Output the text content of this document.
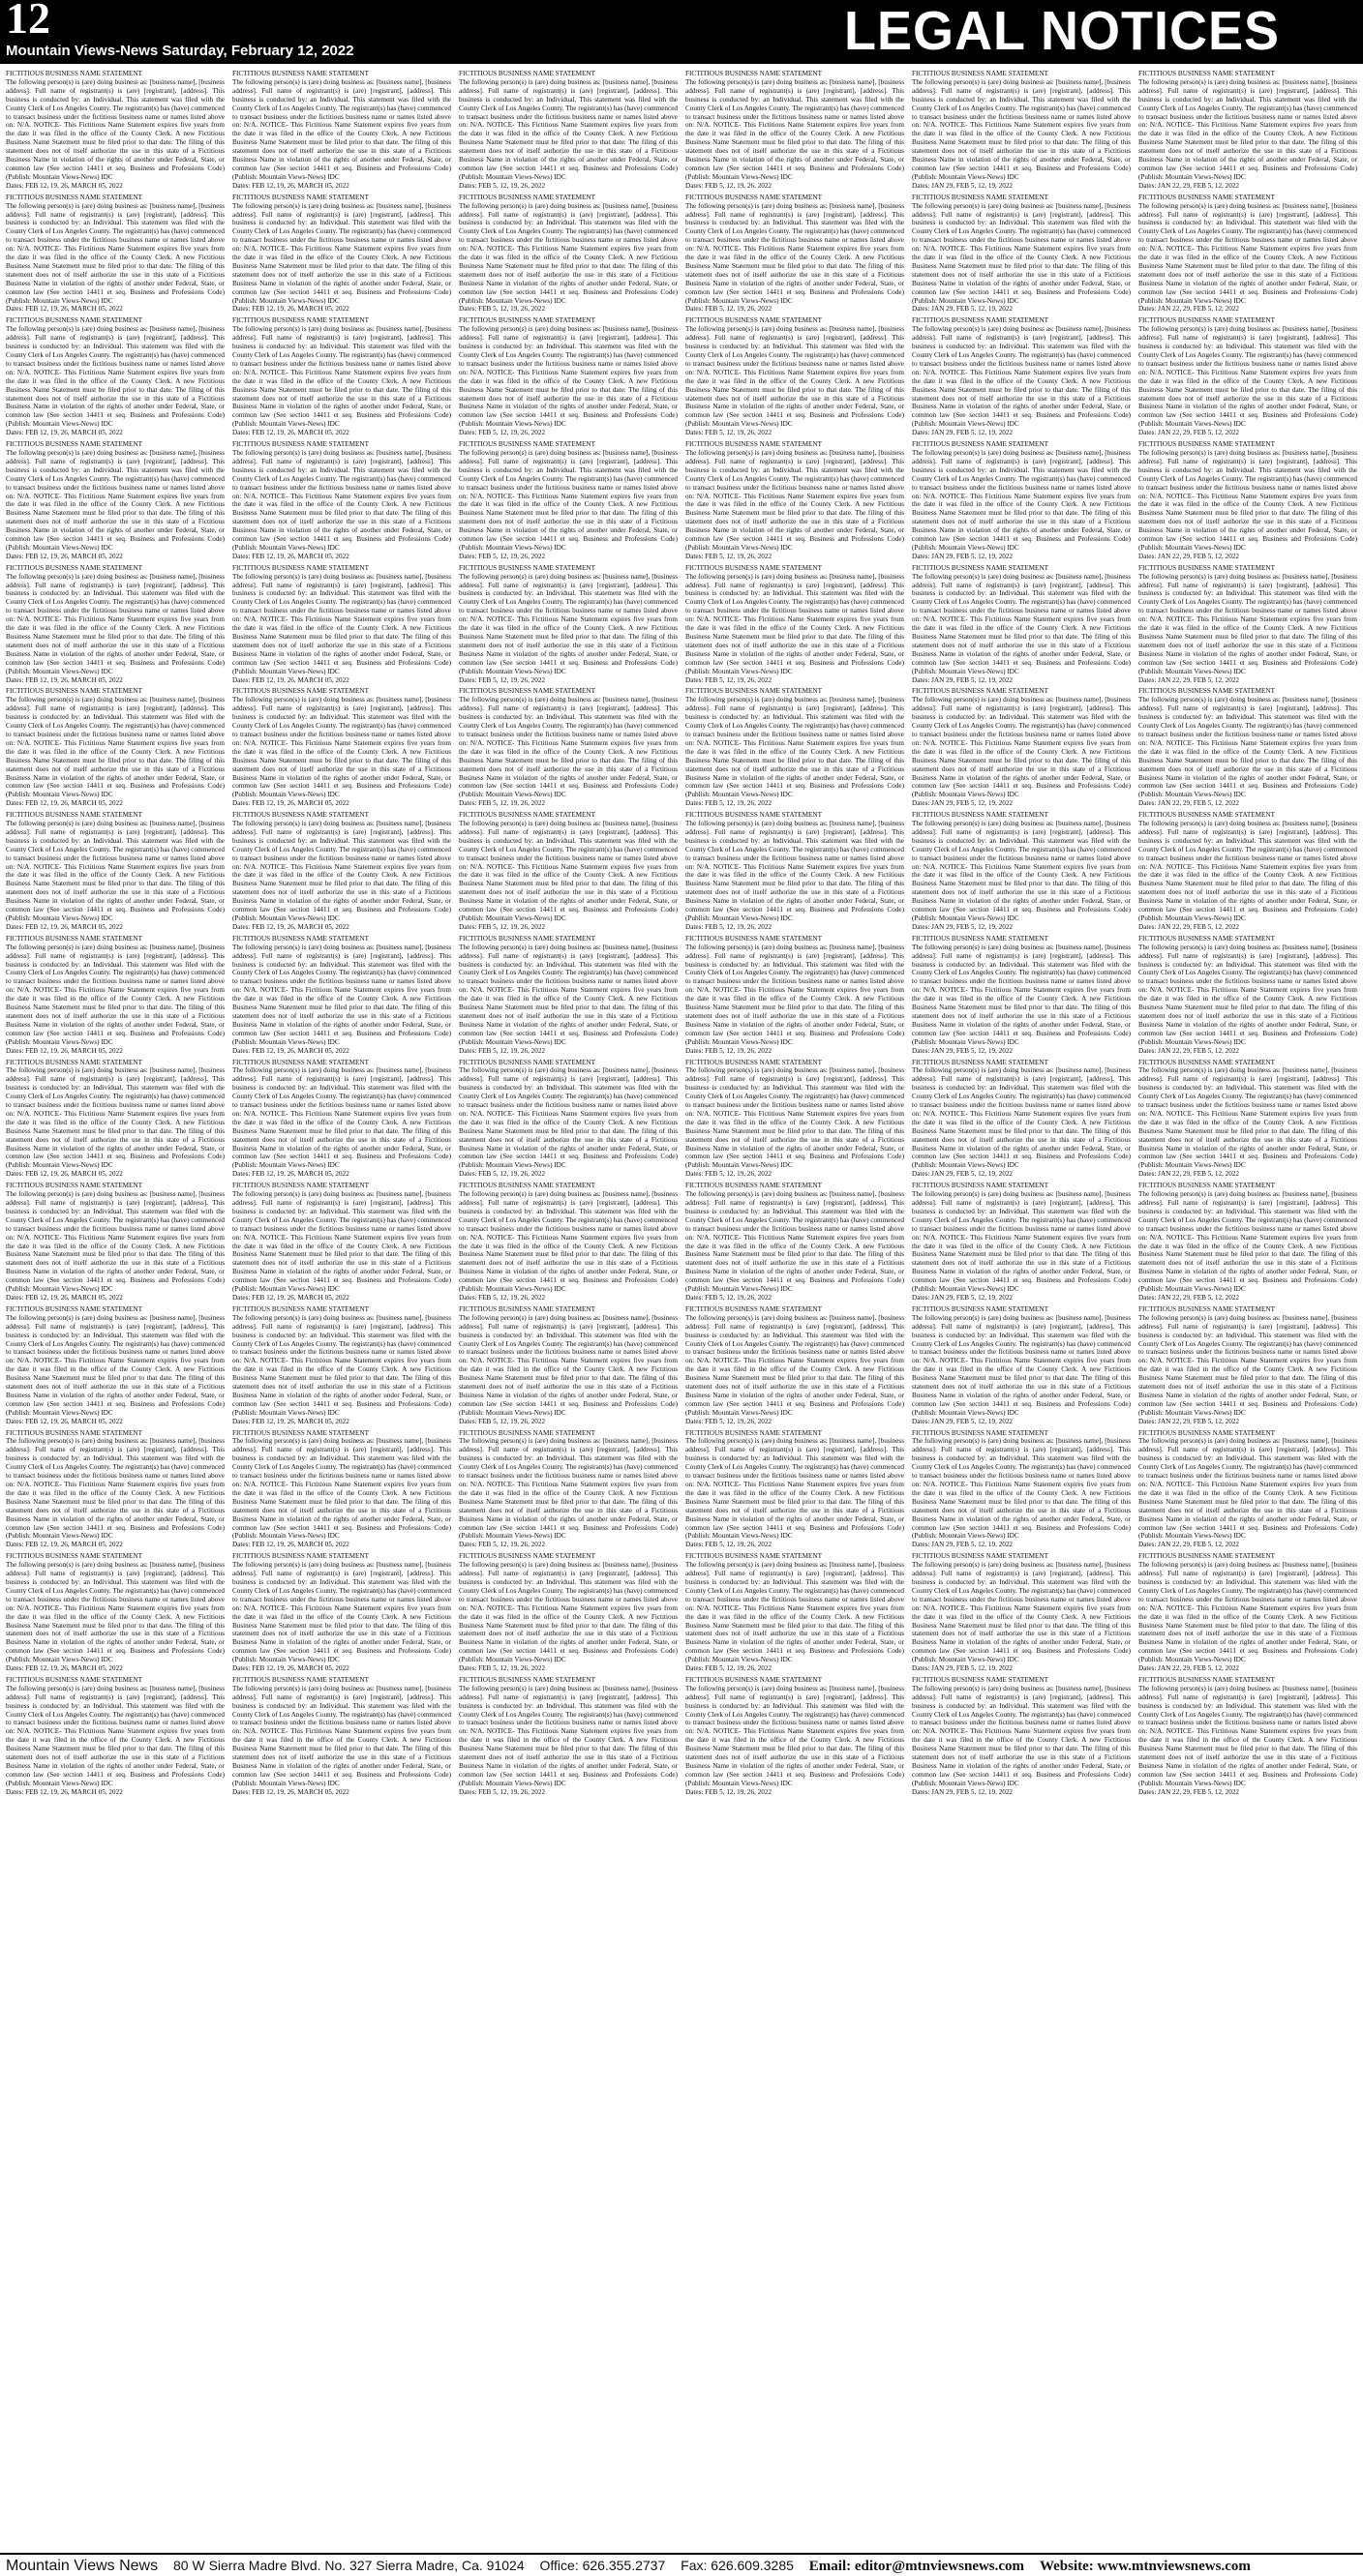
12
Mountain Views-News Saturday, February 12, 2022	LEGAL NOTICES
FICTITIOUS BUSINESS NAME STATEMENT
The following person(s) is (are) doing business as: [business name], [business address]. Full name of registrant(s) is (are) [registrant], [address]. This business is conducted by: an Individual. This statement was filed with the County Clerk of Los Angeles County. The registrant(s) has (have) commenced to transact business under the fictitious business name or names listed above on: N/A. NOTICE- This Fictitious Name Statement expires five years from the date it was filed in the office of the County Clerk. A new Fictitious Business Name Statement must be filed prior to that date. The filing of this statement does not of itself authorize the use in this state of a Fictitious Business Name in violation of the rights of another under Federal, State, or common law (See section 14411 et seq. Business and Professions Code)(Publish: Mountain Views-News) IDC
Dates: FEB 12, 19, 26, MARCH 05, 2022
FICTITIOUS BUSINESS NAME STATEMENT
The following person(s) is (are) doing business as: [business name], [business address]. Full name of registrant(s) is (are) [registrant], [address]. This business is conducted by: an Individual. This statement was filed with the County Clerk of Los Angeles County. The registrant(s) has (have) commenced to transact business under the fictitious business name or names listed above on: N/A. NOTICE- This Fictitious Name Statement expires five years from the date it was filed in the office of the County Clerk. A new Fictitious Business Name Statement must be filed prior to that date. The filing of this statement does not of itself authorize the use in this state of a Fictitious Business Name in violation of the rights of another under Federal, State, or common law (See section 14411 et seq. Business and Professions Code)(Publish: Mountain Views-News) IDC
Dates: FEB 12, 19, 26, MARCH 05, 2022
FICTITIOUS BUSINESS NAME STATEMENT
The following person(s) is (are) doing business as: [business name], [business address]. Full name of registrant(s) is (are) [registrant], [address]. This business is conducted by: an Individual. This statement was filed with the County Clerk of Los Angeles County. The registrant(s) has (have) commenced to transact business under the fictitious business name or names listed above on: N/A. NOTICE- This Fictitious Name Statement expires five years from the date it was filed in the office of the County Clerk. A new Fictitious Business Name Statement must be filed prior to that date. The filing of this statement does not of itself authorize the use in this state of a Fictitious Business Name in violation of the rights of another under Federal, State, or common law (See section 14411 et seq. Business and Professions Code)(Publish: Mountain Views-News) IDC
Dates: FEB 12, 19, 26, MARCH 05, 2022
FICTITIOUS BUSINESS NAME STATEMENT
The following person(s) is (are) doing business as: [business name], [business address]. Full name of registrant(s) is (are) [registrant], [address]. This business is conducted by: an Individual. This statement was filed with the County Clerk of Los Angeles County. The registrant(s) has (have) commenced to transact business under the fictitious business name or names listed above on: N/A. NOTICE- This Fictitious Name Statement expires five years from the date it was filed in the office of the County Clerk. A new Fictitious Business Name Statement must be filed prior to that date. The filing of this statement does not of itself authorize the use in this state of a Fictitious Business Name in violation of the rights of another under Federal, State, or common law (See section 14411 et seq. Business and Professions Code)(Publish: Mountain Views-News) IDC
Dates: FEB 12, 19, 26, MARCH 05, 2022
FICTITIOUS BUSINESS NAME STATEMENT
The following person(s) is (are) doing business as: [business name], [business address]. Full name of registrant(s) is (are) [registrant], [address]. This business is conducted by: an Individual. This statement was filed with the County Clerk of Los Angeles County. The registrant(s) has (have) commenced to transact business under the fictitious business name or names listed above on: N/A. NOTICE- This Fictitious Name Statement expires five years from the date it was filed in the office of the County Clerk. A new Fictitious Business Name Statement must be filed prior to that date. The filing of this statement does not of itself authorize the use in this state of a Fictitious Business Name in violation of the rights of another under Federal, State, or common law (See section 14411 et seq. Business and Professions Code)(Publish: Mountain Views-News) IDC
Dates: FEB 12, 19, 26, MARCH 05, 2022
FICTITIOUS BUSINESS NAME STATEMENT
The following person(s) is (are) doing business as: [business name], [business address]. Full name of registrant(s) is (are) [registrant], [address]. This business is conducted by: an Individual. This statement was filed with the County Clerk of Los Angeles County. The registrant(s) has (have) commenced to transact business under the fictitious business name or names listed above on: N/A. NOTICE- This Fictitious Name Statement expires five years from the date it was filed in the office of the County Clerk. A new Fictitious Business Name Statement must be filed prior to that date. The filing of this statement does not of itself authorize the use in this state of a Fictitious Business Name in violation of the rights of another under Federal, State, or common law (See section 14411 et seq. Business and Professions Code)(Publish: Mountain Views-News) IDC
Dates: FEB 12, 19, 26, MARCH 05, 2022
FICTITIOUS BUSINESS NAME STATEMENT
The following person(s) is (are) doing business as: [business name], [business address]. Full name of registrant(s) is (are) [registrant], [address]. This business is conducted by: an Individual. This statement was filed with the County Clerk of Los Angeles County. The registrant(s) has (have) commenced to transact business under the fictitious business name or names listed above on: N/A. NOTICE- This Fictitious Name Statement expires five years from the date it was filed in the office of the County Clerk. A new Fictitious Business Name Statement must be filed prior to that date. The filing of this statement does not of itself authorize the use in this state of a Fictitious Business Name in violation of the rights of another under Federal, State, or common law (See section 14411 et seq. Business and Professions Code)(Publish: Mountain Views-News) IDC
Dates: FEB 12, 19, 26, MARCH 05, 2022
FICTITIOUS BUSINESS NAME STATEMENT
The following person(s) is (are) doing business as: [business name], [business address]. Full name of registrant(s) is (are) [registrant], [address]. This business is conducted by: an Individual. This statement was filed with the County Clerk of Los Angeles County. The registrant(s) has (have) commenced to transact business under the fictitious business name or names listed above on: N/A. NOTICE- This Fictitious Name Statement expires five years from the date it was filed in the office of the County Clerk. A new Fictitious Business Name Statement must be filed prior to that date. The filing of this statement does not of itself authorize the use in this state of a Fictitious Business Name in violation of the rights of another under Federal, State, or common law (See section 14411 et seq. Business and Professions Code)(Publish: Mountain Views-News) IDC
Dates: FEB 12, 19, 26, MARCH 05, 2022
FICTITIOUS BUSINESS NAME STATEMENT
The following person(s) is (are) doing business as: [business name], [business address]. Full name of registrant(s) is (are) [registrant], [address]. This business is conducted by: an Individual. This statement was filed with the County Clerk of Los Angeles County. The registrant(s) has (have) commenced to transact business under the fictitious business name or names listed above on: N/A. NOTICE- This Fictitious Name Statement expires five years from the date it was filed in the office of the County Clerk. A new Fictitious Business Name Statement must be filed prior to that date. The filing of this statement does not of itself authorize the use in this state of a Fictitious Business Name in violation of the rights of another under Federal, State, or common law (See section 14411 et seq. Business and Professions Code)(Publish: Mountain Views-News) IDC
Dates: FEB 12, 19, 26, MARCH 05, 2022
FICTITIOUS BUSINESS NAME STATEMENT
The following person(s) is (are) doing business as: [business name], [business address]. Full name of registrant(s) is (are) [registrant], [address]. This business is conducted by: an Individual. This statement was filed with the County Clerk of Los Angeles County. The registrant(s) has (have) commenced to transact business under the fictitious business name or names listed above on: N/A. NOTICE- This Fictitious Name Statement expires five years from the date it was filed in the office of the County Clerk. A new Fictitious Business Name Statement must be filed prior to that date. The filing of this statement does not of itself authorize the use in this state of a Fictitious Business Name in violation of the rights of another under Federal, State, or common law (See section 14411 et seq. Business and Professions Code)(Publish: Mountain Views-News) IDC
Dates: FEB 12, 19, 26, MARCH 05, 2022
FICTITIOUS BUSINESS NAME STATEMENT
The following person(s) is (are) doing business as: [business name], [business address]. Full name of registrant(s) is (are) [registrant], [address]. This business is conducted by: an Individual. This statement was filed with the County Clerk of Los Angeles County. The registrant(s) has (have) commenced to transact business under the fictitious business name or names listed above on: N/A. NOTICE- This Fictitious Name Statement expires five years from the date it was filed in the office of the County Clerk. A new Fictitious Business Name Statement must be filed prior to that date. The filing of this statement does not of itself authorize the use in this state of a Fictitious Business Name in violation of the rights of another under Federal, State, or common law (See section 14411 et seq. Business and Professions Code)(Publish: Mountain Views-News) IDC
Dates: FEB 12, 19, 26, MARCH 05, 2022
FICTITIOUS BUSINESS NAME STATEMENT
The following person(s) is (are) doing business as: [business name], [business address]. Full name of registrant(s) is (are) [registrant], [address]. This business is conducted by: an Individual. This statement was filed with the County Clerk of Los Angeles County. The registrant(s) has (have) commenced to transact business under the fictitious business name or names listed above on: N/A. NOTICE- This Fictitious Name Statement expires five years from the date it was filed in the office of the County Clerk. A new Fictitious Business Name Statement must be filed prior to that date. The filing of this statement does not of itself authorize the use in this state of a Fictitious Business Name in violation of the rights of another under Federal, State, or common law (See section 14411 et seq. Business and Professions Code)(Publish: Mountain Views-News) IDC
Dates: FEB 12, 19, 26, MARCH 05, 2022
FICTITIOUS BUSINESS NAME STATEMENT
The following person(s) is (are) doing business as: [business name], [business address]. Full name of registrant(s) is (are) [registrant], [address]. This business is conducted by: an Individual. This statement was filed with the County Clerk of Los Angeles County. The registrant(s) has (have) commenced to transact business under the fictitious business name or names listed above on: N/A. NOTICE- This Fictitious Name Statement expires five years from the date it was filed in the office of the County Clerk. A new Fictitious Business Name Statement must be filed prior to that date. The filing of this statement does not of itself authorize the use in this state of a Fictitious Business Name in violation of the rights of another under Federal, State, or common law (See section 14411 et seq. Business and Professions Code)(Publish: Mountain Views-News) IDC
Dates: FEB 12, 19, 26, MARCH 05, 2022
FICTITIOUS BUSINESS NAME STATEMENT
The following person(s) is (are) doing business as: [business name], [business address]. Full name of registrant(s) is (are) [registrant], [address]. This business is conducted by: an Individual. This statement was filed with the County Clerk of Los Angeles County. The registrant(s) has (have) commenced to transact business under the fictitious business name or names listed above on: N/A. NOTICE- This Fictitious Name Statement expires five years from the date it was filed in the office of the County Clerk. A new Fictitious Business Name Statement must be filed prior to that date. The filing of this statement does not of itself authorize the use in this state of a Fictitious Business Name in violation of the rights of another under Federal, State, or common law (See section 14411 et seq. Business and Professions Code)(Publish: Mountain Views-News) IDC
Dates: FEB 12, 19, 26, MARCH 05, 2022
FICTITIOUS BUSINESS NAME STATEMENT
The following person(s) is (are) doing business as: [business name], [business address]. Full name of registrant(s) is (are) [registrant], [address]. This business is conducted by: an Individual. This statement was filed with the County Clerk of Los Angeles County. The registrant(s) has (have) commenced to transact business under the fictitious business name or names listed above on: N/A. NOTICE- This Fictitious Name Statement expires five years from the date it was filed in the office of the County Clerk. A new Fictitious Business Name Statement must be filed prior to that date. The filing of this statement does not of itself authorize the use in this state of a Fictitious Business Name in violation of the rights of another under Federal, State, or common law (See section 14411 et seq. Business and Professions Code)(Publish: Mountain Views-News) IDC
Dates: FEB 12, 19, 26, MARCH 05, 2022
FICTITIOUS BUSINESS NAME STATEMENT
The following person(s) is (are) doing business as: [business name], [business address]. Full name of registrant(s) is (are) [registrant], [address]. This business is conducted by: an Individual. This statement was filed with the County Clerk of Los Angeles County. The registrant(s) has (have) commenced to transact business under the fictitious business name or names listed above on: N/A. NOTICE- This Fictitious Name Statement expires five years from the date it was filed in the office of the County Clerk. A new Fictitious Business Name Statement must be filed prior to that date. The filing of this statement does not of itself authorize the use in this state of a Fictitious Business Name in violation of the rights of another under Federal, State, or common law (See section 14411 et seq. Business and Professions Code)(Publish: Mountain Views-News) IDC
Dates: FEB 12, 19, 26, MARCH 05, 2022
FICTITIOUS BUSINESS NAME STATEMENT
The following person(s) is (are) doing business as: [business name], [business address]. Full name of registrant(s) is (are) [registrant], [address]. This business is conducted by: an Individual. This statement was filed with the County Clerk of Los Angeles County. The registrant(s) has (have) commenced to transact business under the fictitious business name or names listed above on: N/A. NOTICE- This Fictitious Name Statement expires five years from the date it was filed in the office of the County Clerk. A new Fictitious Business Name Statement must be filed prior to that date. The filing of this statement does not of itself authorize the use in this state of a Fictitious Business Name in violation of the rights of another under Federal, State, or common law (See section 14411 et seq. Business and Professions Code)(Publish: Mountain Views-News) IDC
Dates: FEB 12, 19, 26, MARCH 05, 2022
FICTITIOUS BUSINESS NAME STATEMENT
The following person(s) is (are) doing business as: [business name], [business address]. Full name of registrant(s) is (are) [registrant], [address]. This business is conducted by: an Individual. This statement was filed with the County Clerk of Los Angeles County. The registrant(s) has (have) commenced to transact business under the fictitious business name or names listed above on: N/A. NOTICE- This Fictitious Name Statement expires five years from the date it was filed in the office of the County Clerk. A new Fictitious Business Name Statement must be filed prior to that date. The filing of this statement does not of itself authorize the use in this state of a Fictitious Business Name in violation of the rights of another under Federal, State, or common law (See section 14411 et seq. Business and Professions Code)(Publish: Mountain Views-News) IDC
Dates: FEB 12, 19, 26, MARCH 05, 2022
FICTITIOUS BUSINESS NAME STATEMENT
The following person(s) is (are) doing business as: [business name], [business address]. Full name of registrant(s) is (are) [registrant], [address]. This business is conducted by: an Individual. This statement was filed with the County Clerk of Los Angeles County. The registrant(s) has (have) commenced to transact business under the fictitious business name or names listed above on: N/A. NOTICE- This Fictitious Name Statement expires five years from the date it was filed in the office of the County Clerk. A new Fictitious Business Name Statement must be filed prior to that date. The filing of this statement does not of itself authorize the use in this state of a Fictitious Business Name in violation of the rights of another under Federal, State, or common law (See section 14411 et seq. Business and Professions Code)(Publish: Mountain Views-News) IDC
Dates: FEB 12, 19, 26, MARCH 05, 2022
FICTITIOUS BUSINESS NAME STATEMENT
The following person(s) is (are) doing business as: [business name], [business address]. Full name of registrant(s) is (are) [registrant], [address]. This business is conducted by: an Individual. This statement was filed with the County Clerk of Los Angeles County. The registrant(s) has (have) commenced to transact business under the fictitious business name or names listed above on: N/A. NOTICE- This Fictitious Name Statement expires five years from the date it was filed in the office of the County Clerk. A new Fictitious Business Name Statement must be filed prior to that date. The filing of this statement does not of itself authorize the use in this state of a Fictitious Business Name in violation of the rights of another under Federal, State, or common law (See section 14411 et seq. Business and Professions Code)(Publish: Mountain Views-News) IDC
Dates: FEB 12, 19, 26, MARCH 05, 2022
FICTITIOUS BUSINESS NAME STATEMENT
The following person(s) is (are) doing business as: [business name], [business address]. Full name of registrant(s) is (are) [registrant], [address]. This business is conducted by: an Individual. This statement was filed with the County Clerk of Los Angeles County. The registrant(s) has (have) commenced to transact business under the fictitious business name or names listed above on: N/A. NOTICE- This Fictitious Name Statement expires five years from the date it was filed in the office of the County Clerk. A new Fictitious Business Name Statement must be filed prior to that date. The filing of this statement does not of itself authorize the use in this state of a Fictitious Business Name in violation of the rights of another under Federal, State, or common law (See section 14411 et seq. Business and Professions Code)(Publish: Mountain Views-News) IDC
Dates: FEB 12, 19, 26, MARCH 05, 2022
FICTITIOUS BUSINESS NAME STATEMENT
The following person(s) is (are) doing business as: [business name], [business address]. Full name of registrant(s) is (are) [registrant], [address]. This business is conducted by: an Individual. This statement was filed with the County Clerk of Los Angeles County. The registrant(s) has (have) commenced to transact business under the fictitious business name or names listed above on: N/A. NOTICE- This Fictitious Name Statement expires five years from the date it was filed in the office of the County Clerk. A new Fictitious Business Name Statement must be filed prior to that date. The filing of this statement does not of itself authorize the use in this state of a Fictitious Business Name in violation of the rights of another under Federal, State, or common law (See section 14411 et seq. Business and Professions Code)(Publish: Mountain Views-News) IDC
Dates: FEB 12, 19, 26, MARCH 05, 2022
FICTITIOUS BUSINESS NAME STATEMENT
The following person(s) is (are) doing business as: [business name], [business address]. Full name of registrant(s) is (are) [registrant], [address]. This business is conducted by: an Individual. This statement was filed with the County Clerk of Los Angeles County. The registrant(s) has (have) commenced to transact business under the fictitious business name or names listed above on: N/A. NOTICE- This Fictitious Name Statement expires five years from the date it was filed in the office of the County Clerk. A new Fictitious Business Name Statement must be filed prior to that date. The filing of this statement does not of itself authorize the use in this state of a Fictitious Business Name in violation of the rights of another under Federal, State, or common law (See section 14411 et seq. Business and Professions Code)(Publish: Mountain Views-News) IDC
Dates: FEB 12, 19, 26, MARCH 05, 2022
FICTITIOUS BUSINESS NAME STATEMENT
The following person(s) is (are) doing business as: [business name], [business address]. Full name of registrant(s) is (are) [registrant], [address]. This business is conducted by: an Individual. This statement was filed with the County Clerk of Los Angeles County. The registrant(s) has (have) commenced to transact business under the fictitious business name or names listed above on: N/A. NOTICE- This Fictitious Name Statement expires five years from the date it was filed in the office of the County Clerk. A new Fictitious Business Name Statement must be filed prior to that date. The filing of this statement does not of itself authorize the use in this state of a Fictitious Business Name in violation of the rights of another under Federal, State, or common law (See section 14411 et seq. Business and Professions Code)(Publish: Mountain Views-News) IDC
Dates: FEB 12, 19, 26, MARCH 05, 2022
FICTITIOUS BUSINESS NAME STATEMENT
The following person(s) is (are) doing business as: [business name], [business address]. Full name of registrant(s) is (are) [registrant], [address]. This business is conducted by: an Individual. This statement was filed with the County Clerk of Los Angeles County. The registrant(s) has (have) commenced to transact business under the fictitious business name or names listed above on: N/A. NOTICE- This Fictitious Name Statement expires five years from the date it was filed in the office of the County Clerk. A new Fictitious Business Name Statement must be filed prior to that date. The filing of this statement does not of itself authorize the use in this state of a Fictitious Business Name in violation of the rights of another under Federal, State, or common law (See section 14411 et seq. Business and Professions Code)(Publish: Mountain Views-News) IDC
Dates: FEB 12, 19, 26, MARCH 05, 2022
FICTITIOUS BUSINESS NAME STATEMENT
The following person(s) is (are) doing business as: [business name], [business address]. Full name of registrant(s) is (are) [registrant], [address]. This business is conducted by: an Individual. This statement was filed with the County Clerk of Los Angeles County. The registrant(s) has (have) commenced to transact business under the fictitious business name or names listed above on: N/A. NOTICE- This Fictitious Name Statement expires five years from the date it was filed in the office of the County Clerk. A new Fictitious Business Name Statement must be filed prior to that date. The filing of this statement does not of itself authorize the use in this state of a Fictitious Business Name in violation of the rights of another under Federal, State, or common law (See section 14411 et seq. Business and Professions Code)(Publish: Mountain Views-News) IDC
Dates: FEB 12, 19, 26, MARCH 05, 2022
FICTITIOUS BUSINESS NAME STATEMENT
The following person(s) is (are) doing business as: [business name], [business address]. Full name of registrant(s) is (are) [registrant], [address]. This business is conducted by: an Individual. This statement was filed with the County Clerk of Los Angeles County. The registrant(s) has (have) commenced to transact business under the fictitious business name or names listed above on: N/A. NOTICE- This Fictitious Name Statement expires five years from the date it was filed in the office of the County Clerk. A new Fictitious Business Name Statement must be filed prior to that date. The filing of this statement does not of itself authorize the use in this state of a Fictitious Business Name in violation of the rights of another under Federal, State, or common law (See section 14411 et seq. Business and Professions Code)(Publish: Mountain Views-News) IDC
Dates: FEB 12, 19, 26, MARCH 05, 2022
FICTITIOUS BUSINESS NAME STATEMENT
The following person(s) is (are) doing business as: [business name], [business address]. Full name of registrant(s) is (are) [registrant], [address]. This business is conducted by: an Individual. This statement was filed with the County Clerk of Los Angeles County. The registrant(s) has (have) commenced to transact business under the fictitious business name or names listed above on: N/A. NOTICE- This Fictitious Name Statement expires five years from the date it was filed in the office of the County Clerk. A new Fictitious Business Name Statement must be filed prior to that date. The filing of this statement does not of itself authorize the use in this state of a Fictitious Business Name in violation of the rights of another under Federal, State, or common law (See section 14411 et seq. Business and Professions Code)(Publish: Mountain Views-News) IDC
Dates: FEB 12, 19, 26, MARCH 05, 2022
FICTITIOUS BUSINESS NAME STATEMENT
The following person(s) is (are) doing business as: [business name], [business address]. Full name of registrant(s) is (are) [registrant], [address]. This business is conducted by: an Individual. This statement was filed with the County Clerk of Los Angeles County. The registrant(s) has (have) commenced to transact business under the fictitious business name or names listed above on: N/A. NOTICE- This Fictitious Name Statement expires five years from the date it was filed in the office of the County Clerk. A new Fictitious Business Name Statement must be filed prior to that date. The filing of this statement does not of itself authorize the use in this state of a Fictitious Business Name in violation of the rights of another under Federal, State, or common law (See section 14411 et seq. Business and Professions Code)(Publish: Mountain Views-News) IDC
Dates: FEB 5, 12, 19, 26, 2022
FICTITIOUS BUSINESS NAME STATEMENT
The following person(s) is (are) doing business as: [business name], [business address]. Full name of registrant(s) is (are) [registrant], [address]. This business is conducted by: an Individual. This statement was filed with the County Clerk of Los Angeles County. The registrant(s) has (have) commenced to transact business under the fictitious business name or names listed above on: N/A. NOTICE- This Fictitious Name Statement expires five years from the date it was filed in the office of the County Clerk. A new Fictitious Business Name Statement must be filed prior to that date. The filing of this statement does not of itself authorize the use in this state of a Fictitious Business Name in violation of the rights of another under Federal, State, or common law (See section 14411 et seq. Business and Professions Code)(Publish: Mountain Views-News) IDC
Dates: FEB 5, 12, 19, 26, 2022
FICTITIOUS BUSINESS NAME STATEMENT
The following person(s) is (are) doing business as: [business name], [business address]. Full name of registrant(s) is (are) [registrant], [address]. This business is conducted by: an Individual. This statement was filed with the County Clerk of Los Angeles County. The registrant(s) has (have) commenced to transact business under the fictitious business name or names listed above on: N/A. NOTICE- This Fictitious Name Statement expires five years from the date it was filed in the office of the County Clerk. A new Fictitious Business Name Statement must be filed prior to that date. The filing of this statement does not of itself authorize the use in this state of a Fictitious Business Name in violation of the rights of another under Federal, State, or common law (See section 14411 et seq. Business and Professions Code)(Publish: Mountain Views-News) IDC
Dates: FEB 5, 12, 19, 26, 2022
FICTITIOUS BUSINESS NAME STATEMENT
The following person(s) is (are) doing business as: [business name], [business address]. Full name of registrant(s) is (are) [registrant], [address]. This business is conducted by: an Individual. This statement was filed with the County Clerk of Los Angeles County. The registrant(s) has (have) commenced to transact business under the fictitious business name or names listed above on: N/A. NOTICE- This Fictitious Name Statement expires five years from the date it was filed in the office of the County Clerk. A new Fictitious Business Name Statement must be filed prior to that date. The filing of this statement does not of itself authorize the use in this state of a Fictitious Business Name in violation of the rights of another under Federal, State, or common law (See section 14411 et seq. Business and Professions Code)(Publish: Mountain Views-News) IDC
Dates: FEB 5, 12, 19, 26, 2022
FICTITIOUS BUSINESS NAME STATEMENT
The following person(s) is (are) doing business as: [business name], [business address]. Full name of registrant(s) is (are) [registrant], [address]. This business is conducted by: an Individual. This statement was filed with the County Clerk of Los Angeles County. The registrant(s) has (have) commenced to transact business under the fictitious business name or names listed above on: N/A. NOTICE- This Fictitious Name Statement expires five years from the date it was filed in the office of the County Clerk. A new Fictitious Business Name Statement must be filed prior to that date. The filing of this statement does not of itself authorize the use in this state of a Fictitious Business Name in violation of the rights of another under Federal, State, or common law (See section 14411 et seq. Business and Professions Code)(Publish: Mountain Views-News) IDC
Dates: FEB 5, 12, 19, 26, 2022
FICTITIOUS BUSINESS NAME STATEMENT
The following person(s) is (are) doing business as: [business name], [business address]. Full name of registrant(s) is (are) [registrant], [address]. This business is conducted by: an Individual. This statement was filed with the County Clerk of Los Angeles County. The registrant(s) has (have) commenced to transact business under the fictitious business name or names listed above on: N/A. NOTICE- This Fictitious Name Statement expires five years from the date it was filed in the office of the County Clerk. A new Fictitious Business Name Statement must be filed prior to that date. The filing of this statement does not of itself authorize the use in this state of a Fictitious Business Name in violation of the rights of another under Federal, State, or common law (See section 14411 et seq. Business and Professions Code)(Publish: Mountain Views-News) IDC
Dates: FEB 5, 12, 19, 26, 2022
FICTITIOUS BUSINESS NAME STATEMENT
The following person(s) is (are) doing business as: [business name], [business address]. Full name of registrant(s) is (are) [registrant], [address]. This business is conducted by: an Individual. This statement was filed with the County Clerk of Los Angeles County. The registrant(s) has (have) commenced to transact business under the fictitious business name or names listed above on: N/A. NOTICE- This Fictitious Name Statement expires five years from the date it was filed in the office of the County Clerk. A new Fictitious Business Name Statement must be filed prior to that date. The filing of this statement does not of itself authorize the use in this state of a Fictitious Business Name in violation of the rights of another under Federal, State, or common law (See section 14411 et seq. Business and Professions Code)(Publish: Mountain Views-News) IDC
Dates: FEB 5, 12, 19, 26, 2022
FICTITIOUS BUSINESS NAME STATEMENT
The following person(s) is (are) doing business as: [business name], [business address]. Full name of registrant(s) is (are) [registrant], [address]. This business is conducted by: an Individual. This statement was filed with the County Clerk of Los Angeles County. The registrant(s) has (have) commenced to transact business under the fictitious business name or names listed above on: N/A. NOTICE- This Fictitious Name Statement expires five years from the date it was filed in the office of the County Clerk. A new Fictitious Business Name Statement must be filed prior to that date. The filing of this statement does not of itself authorize the use in this state of a Fictitious Business Name in violation of the rights of another under Federal, State, or common law (See section 14411 et seq. Business and Professions Code)(Publish: Mountain Views-News) IDC
Dates: FEB 5, 12, 19, 26, 2022
FICTITIOUS BUSINESS NAME STATEMENT
The following person(s) is (are) doing business as: [business name], [business address]. Full name of registrant(s) is (are) [registrant], [address]. This business is conducted by: an Individual. This statement was filed with the County Clerk of Los Angeles County. The registrant(s) has (have) commenced to transact business under the fictitious business name or names listed above on: N/A. NOTICE- This Fictitious Name Statement expires five years from the date it was filed in the office of the County Clerk. A new Fictitious Business Name Statement must be filed prior to that date. The filing of this statement does not of itself authorize the use in this state of a Fictitious Business Name in violation of the rights of another under Federal, State, or common law (See section 14411 et seq. Business and Professions Code)(Publish: Mountain Views-News) IDC
Dates: FEB 5, 12, 19, 26, 2022
FICTITIOUS BUSINESS NAME STATEMENT
The following person(s) is (are) doing business as: [business name], [business address]. Full name of registrant(s) is (are) [registrant], [address]. This business is conducted by: an Individual. This statement was filed with the County Clerk of Los Angeles County. The registrant(s) has (have) commenced to transact business under the fictitious business name or names listed above on: N/A. NOTICE- This Fictitious Name Statement expires five years from the date it was filed in the office of the County Clerk. A new Fictitious Business Name Statement must be filed prior to that date. The filing of this statement does not of itself authorize the use in this state of a Fictitious Business Name in violation of the rights of another under Federal, State, or common law (See section 14411 et seq. Business and Professions Code)(Publish: Mountain Views-News) IDC
Dates: FEB 5, 12, 19, 26, 2022
FICTITIOUS BUSINESS NAME STATEMENT
The following person(s) is (are) doing business as: [business name], [business address]. Full name of registrant(s) is (are) [registrant], [address]. This business is conducted by: an Individual. This statement was filed with the County Clerk of Los Angeles County. The registrant(s) has (have) commenced to transact business under the fictitious business name or names listed above on: N/A. NOTICE- This Fictitious Name Statement expires five years from the date it was filed in the office of the County Clerk. A new Fictitious Business Name Statement must be filed prior to that date. The filing of this statement does not of itself authorize the use in this state of a Fictitious Business Name in violation of the rights of another under Federal, State, or common law (See section 14411 et seq. Business and Professions Code)(Publish: Mountain Views-News) IDC
Dates: FEB 5, 12, 19, 26, 2022
FICTITIOUS BUSINESS NAME STATEMENT
The following person(s) is (are) doing business as: [business name], [business address]. Full name of registrant(s) is (are) [registrant], [address]. This business is conducted by: an Individual. This statement was filed with the County Clerk of Los Angeles County. The registrant(s) has (have) commenced to transact business under the fictitious business name or names listed above on: N/A. NOTICE- This Fictitious Name Statement expires five years from the date it was filed in the office of the County Clerk. A new Fictitious Business Name Statement must be filed prior to that date. The filing of this statement does not of itself authorize the use in this state of a Fictitious Business Name in violation of the rights of another under Federal, State, or common law (See section 14411 et seq. Business and Professions Code)(Publish: Mountain Views-News) IDC
Dates: FEB 5, 12, 19, 26, 2022
FICTITIOUS BUSINESS NAME STATEMENT
The following person(s) is (are) doing business as: [business name], [business address]. Full name of registrant(s) is (are) [registrant], [address]. This business is conducted by: an Individual. This statement was filed with the County Clerk of Los Angeles County. The registrant(s) has (have) commenced to transact business under the fictitious business name or names listed above on: N/A. NOTICE- This Fictitious Name Statement expires five years from the date it was filed in the office of the County Clerk. A new Fictitious Business Name Statement must be filed prior to that date. The filing of this statement does not of itself authorize the use in this state of a Fictitious Business Name in violation of the rights of another under Federal, State, or common law (See section 14411 et seq. Business and Professions Code)(Publish: Mountain Views-News) IDC
Dates: FEB 5, 12, 19, 26, 2022
FICTITIOUS BUSINESS NAME STATEMENT
The following person(s) is (are) doing business as: [business name], [business address]. Full name of registrant(s) is (are) [registrant], [address]. This business is conducted by: an Individual. This statement was filed with the County Clerk of Los Angeles County. The registrant(s) has (have) commenced to transact business under the fictitious business name or names listed above on: N/A. NOTICE- This Fictitious Name Statement expires five years from the date it was filed in the office of the County Clerk. A new Fictitious Business Name Statement must be filed prior to that date. The filing of this statement does not of itself authorize the use in this state of a Fictitious Business Name in violation of the rights of another under Federal, State, or common law (See section 14411 et seq. Business and Professions Code)(Publish: Mountain Views-News) IDC
Dates: FEB 5, 12, 19, 26, 2022
FICTITIOUS BUSINESS NAME STATEMENT
The following person(s) is (are) doing business as: [business name], [business address]. Full name of registrant(s) is (are) [registrant], [address]. This business is conducted by: an Individual. This statement was filed with the County Clerk of Los Angeles County. The registrant(s) has (have) commenced to transact business under the fictitious business name or names listed above on: N/A. NOTICE- This Fictitious Name Statement expires five years from the date it was filed in the office of the County Clerk. A new Fictitious Business Name Statement must be filed prior to that date. The filing of this statement does not of itself authorize the use in this state of a Fictitious Business Name in violation of the rights of another under Federal, State, or common law (See section 14411 et seq. Business and Professions Code)(Publish: Mountain Views-News) IDC
Dates: FEB 5, 12, 19, 26, 2022
FICTITIOUS BUSINESS NAME STATEMENT
The following person(s) is (are) doing business as: [business name], [business address]. Full name of registrant(s) is (are) [registrant], [address]. This business is conducted by: an Individual. This statement was filed with the County Clerk of Los Angeles County. The registrant(s) has (have) commenced to transact business under the fictitious business name or names listed above on: N/A. NOTICE- This Fictitious Name Statement expires five years from the date it was filed in the office of the County Clerk. A new Fictitious Business Name Statement must be filed prior to that date. The filing of this statement does not of itself authorize the use in this state of a Fictitious Business Name in violation of the rights of another under Federal, State, or common law (See section 14411 et seq. Business and Professions Code)(Publish: Mountain Views-News) IDC
Dates: FEB 5, 12, 19, 26, 2022
FICTITIOUS BUSINESS NAME STATEMENT
The following person(s) is (are) doing business as: [business name], [business address]. Full name of registrant(s) is (are) [registrant], [address]. This business is conducted by: an Individual. This statement was filed with the County Clerk of Los Angeles County. The registrant(s) has (have) commenced to transact business under the fictitious business name or names listed above on: N/A. NOTICE- This Fictitious Name Statement expires five years from the date it was filed in the office of the County Clerk. A new Fictitious Business Name Statement must be filed prior to that date. The filing of this statement does not of itself authorize the use in this state of a Fictitious Business Name in violation of the rights of another under Federal, State, or common law (See section 14411 et seq. Business and Professions Code)(Publish: Mountain Views-News) IDC
Dates: FEB 5, 12, 19, 26, 2022
FICTITIOUS BUSINESS NAME STATEMENT
The following person(s) is (are) doing business as: [business name], [business address]. Full name of registrant(s) is (are) [registrant], [address]. This business is conducted by: an Individual. This statement was filed with the County Clerk of Los Angeles County. The registrant(s) has (have) commenced to transact business under the fictitious business name or names listed above on: N/A. NOTICE- This Fictitious Name Statement expires five years from the date it was filed in the office of the County Clerk. A new Fictitious Business Name Statement must be filed prior to that date. The filing of this statement does not of itself authorize the use in this state of a Fictitious Business Name in violation of the rights of another under Federal, State, or common law (See section 14411 et seq. Business and Professions Code)(Publish: Mountain Views-News) IDC
Dates: FEB 5, 12, 19, 26, 2022
FICTITIOUS BUSINESS NAME STATEMENT
The following person(s) is (are) doing business as: [business name], [business address]. Full name of registrant(s) is (are) [registrant], [address]. This business is conducted by: an Individual. This statement was filed with the County Clerk of Los Angeles County. The registrant(s) has (have) commenced to transact business under the fictitious business name or names listed above on: N/A. NOTICE- This Fictitious Name Statement expires five years from the date it was filed in the office of the County Clerk. A new Fictitious Business Name Statement must be filed prior to that date. The filing of this statement does not of itself authorize the use in this state of a Fictitious Business Name in violation of the rights of another under Federal, State, or common law (See section 14411 et seq. Business and Professions Code)(Publish: Mountain Views-News) IDC
Dates: FEB 5, 12, 19, 26, 2022
FICTITIOUS BUSINESS NAME STATEMENT
The following person(s) is (are) doing business as: [business name], [business address]. Full name of registrant(s) is (are) [registrant], [address]. This business is conducted by: an Individual. This statement was filed with the County Clerk of Los Angeles County. The registrant(s) has (have) commenced to transact business under the fictitious business name or names listed above on: N/A. NOTICE- This Fictitious Name Statement expires five years from the date it was filed in the office of the County Clerk. A new Fictitious Business Name Statement must be filed prior to that date. The filing of this statement does not of itself authorize the use in this state of a Fictitious Business Name in violation of the rights of another under Federal, State, or common law (See section 14411 et seq. Business and Professions Code)(Publish: Mountain Views-News) IDC
Dates: FEB 5, 12, 19, 26, 2022
FICTITIOUS BUSINESS NAME STATEMENT
The following person(s) is (are) doing business as: [business name], [business address]. Full name of registrant(s) is (are) [registrant], [address]. This business is conducted by: an Individual. This statement was filed with the County Clerk of Los Angeles County. The registrant(s) has (have) commenced to transact business under the fictitious business name or names listed above on: N/A. NOTICE- This Fictitious Name Statement expires five years from the date it was filed in the office of the County Clerk. A new Fictitious Business Name Statement must be filed prior to that date. The filing of this statement does not of itself authorize the use in this state of a Fictitious Business Name in violation of the rights of another under Federal, State, or common law (See section 14411 et seq. Business and Professions Code)(Publish: Mountain Views-News) IDC
Dates: FEB 5, 12, 19, 26, 2022
FICTITIOUS BUSINESS NAME STATEMENT
The following person(s) is (are) doing business as: [business name], [business address]. Full name of registrant(s) is (are) [registrant], [address]. This business is conducted by: an Individual. This statement was filed with the County Clerk of Los Angeles County. The registrant(s) has (have) commenced to transact business under the fictitious business name or names listed above on: N/A. NOTICE- This Fictitious Name Statement expires five years from the date it was filed in the office of the County Clerk. A new Fictitious Business Name Statement must be filed prior to that date. The filing of this statement does not of itself authorize the use in this state of a Fictitious Business Name in violation of the rights of another under Federal, State, or common law (See section 14411 et seq. Business and Professions Code)(Publish: Mountain Views-News) IDC
Dates: FEB 5, 12, 19, 26, 2022
FICTITIOUS BUSINESS NAME STATEMENT
The following person(s) is (are) doing business as: [business name], [business address]. Full name of registrant(s) is (are) [registrant], [address]. This business is conducted by: an Individual. This statement was filed with the County Clerk of Los Angeles County. The registrant(s) has (have) commenced to transact business under the fictitious business name or names listed above on: N/A. NOTICE- This Fictitious Name Statement expires five years from the date it was filed in the office of the County Clerk. A new Fictitious Business Name Statement must be filed prior to that date. The filing of this statement does not of itself authorize the use in this state of a Fictitious Business Name in violation of the rights of another under Federal, State, or common law (See section 14411 et seq. Business and Professions Code)(Publish: Mountain Views-News) IDC
Dates: FEB 5, 12, 19, 26, 2022
FICTITIOUS BUSINESS NAME STATEMENT
The following person(s) is (are) doing business as: [business name], [business address]. Full name of registrant(s) is (are) [registrant], [address]. This business is conducted by: an Individual. This statement was filed with the County Clerk of Los Angeles County. The registrant(s) has (have) commenced to transact business under the fictitious business name or names listed above on: N/A. NOTICE- This Fictitious Name Statement expires five years from the date it was filed in the office of the County Clerk. A new Fictitious Business Name Statement must be filed prior to that date. The filing of this statement does not of itself authorize the use in this state of a Fictitious Business Name in violation of the rights of another under Federal, State, or common law (See section 14411 et seq. Business and Professions Code)(Publish: Mountain Views-News) IDC
Dates: FEB 5, 12, 19, 26, 2022
FICTITIOUS BUSINESS NAME STATEMENT
The following person(s) is (are) doing business as: [business name], [business address]. Full name of registrant(s) is (are) [registrant], [address]. This business is conducted by: an Individual. This statement was filed with the County Clerk of Los Angeles County. The registrant(s) has (have) commenced to transact business under the fictitious business name or names listed above on: N/A. NOTICE- This Fictitious Name Statement expires five years from the date it was filed in the office of the County Clerk. A new Fictitious Business Name Statement must be filed prior to that date. The filing of this statement does not of itself authorize the use in this state of a Fictitious Business Name in violation of the rights of another under Federal, State, or common law (See section 14411 et seq. Business and Professions Code)(Publish: Mountain Views-News) IDC
Dates: FEB 5, 12, 19, 26, 2022
FICTITIOUS BUSINESS NAME STATEMENT
The following person(s) is (are) doing business as: [business name], [business address]. Full name of registrant(s) is (are) [registrant], [address]. This business is conducted by: an Individual. This statement was filed with the County Clerk of Los Angeles County. The registrant(s) has (have) commenced to transact business under the fictitious business name or names listed above on: N/A. NOTICE- This Fictitious Name Statement expires five years from the date it was filed in the office of the County Clerk. A new Fictitious Business Name Statement must be filed prior to that date. The filing of this statement does not of itself authorize the use in this state of a Fictitious Business Name in violation of the rights of another under Federal, State, or common law (See section 14411 et seq. Business and Professions Code)(Publish: Mountain Views-News) IDC
Dates: FEB 5, 12, 19, 26, 2022
FICTITIOUS BUSINESS NAME STATEMENT
The following person(s) is (are) doing business as: [business name], [business address]. Full name of registrant(s) is (are) [registrant], [address]. This business is conducted by: an Individual. This statement was filed with the County Clerk of Los Angeles County. The registrant(s) has (have) commenced to transact business under the fictitious business name or names listed above on: N/A. NOTICE- This Fictitious Name Statement expires five years from the date it was filed in the office of the County Clerk. A new Fictitious Business Name Statement must be filed prior to that date. The filing of this statement does not of itself authorize the use in this state of a Fictitious Business Name in violation of the rights of another under Federal, State, or common law (See section 14411 et seq. Business and Professions Code)(Publish: Mountain Views-News) IDC
Dates: FEB 5, 12, 19, 26, 2022
FICTITIOUS BUSINESS NAME STATEMENT
The following person(s) is (are) doing business as: [business name], [business address]. Full name of registrant(s) is (are) [registrant], [address]. This business is conducted by: an Individual. This statement was filed with the County Clerk of Los Angeles County. The registrant(s) has (have) commenced to transact business under the fictitious business name or names listed above on: N/A. NOTICE- This Fictitious Name Statement expires five years from the date it was filed in the office of the County Clerk. A new Fictitious Business Name Statement must be filed prior to that date. The filing of this statement does not of itself authorize the use in this state of a Fictitious Business Name in violation of the rights of another under Federal, State, or common law (See section 14411 et seq. Business and Professions Code)(Publish: Mountain Views-News) IDC
Dates: FEB 5, 12, 19, 26, 2022
FICTITIOUS BUSINESS NAME STATEMENT
The following person(s) is (are) doing business as: [business name], [business address]. Full name of registrant(s) is (are) [registrant], [address]. This business is conducted by: an Individual. This statement was filed with the County Clerk of Los Angeles County. The registrant(s) has (have) commenced to transact business under the fictitious business name or names listed above on: N/A. NOTICE- This Fictitious Name Statement expires five years from the date it was filed in the office of the County Clerk. A new Fictitious Business Name Statement must be filed prior to that date. The filing of this statement does not of itself authorize the use in this state of a Fictitious Business Name in violation of the rights of another under Federal, State, or common law (See section 14411 et seq. Business and Professions Code)(Publish: Mountain Views-News) IDC
Dates: JAN 29, FEB 5, 12, 19, 2022
FICTITIOUS BUSINESS NAME STATEMENT
The following person(s) is (are) doing business as: [business name], [business address]. Full name of registrant(s) is (are) [registrant], [address]. This business is conducted by: an Individual. This statement was filed with the County Clerk of Los Angeles County. The registrant(s) has (have) commenced to transact business under the fictitious business name or names listed above on: N/A. NOTICE- This Fictitious Name Statement expires five years from the date it was filed in the office of the County Clerk. A new Fictitious Business Name Statement must be filed prior to that date. The filing of this statement does not of itself authorize the use in this state of a Fictitious Business Name in violation of the rights of another under Federal, State, or common law (See section 14411 et seq. Business and Professions Code)(Publish: Mountain Views-News) IDC
Dates: JAN 29, FEB 5, 12, 19, 2022
FICTITIOUS BUSINESS NAME STATEMENT
The following person(s) is (are) doing business as: [business name], [business address]. Full name of registrant(s) is (are) [registrant], [address]. This business is conducted by: an Individual. This statement was filed with the County Clerk of Los Angeles County. The registrant(s) has (have) commenced to transact business under the fictitious business name or names listed above on: N/A. NOTICE- This Fictitious Name Statement expires five years from the date it was filed in the office of the County Clerk. A new Fictitious Business Name Statement must be filed prior to that date. The filing of this statement does not of itself authorize the use in this state of a Fictitious Business Name in violation of the rights of another under Federal, State, or common law (See section 14411 et seq. Business and Professions Code)(Publish: Mountain Views-News) IDC
Dates: JAN 29, FEB 5, 12, 19, 2022
FICTITIOUS BUSINESS NAME STATEMENT
The following person(s) is (are) doing business as: [business name], [business address]. Full name of registrant(s) is (are) [registrant], [address]. This business is conducted by: an Individual. This statement was filed with the County Clerk of Los Angeles County. The registrant(s) has (have) commenced to transact business under the fictitious business name or names listed above on: N/A. NOTICE- This Fictitious Name Statement expires five years from the date it was filed in the office of the County Clerk. A new Fictitious Business Name Statement must be filed prior to that date. The filing of this statement does not of itself authorize the use in this state of a Fictitious Business Name in violation of the rights of another under Federal, State, or common law (See section 14411 et seq. Business and Professions Code)(Publish: Mountain Views-News) IDC
Dates: JAN 29, FEB 5, 12, 19, 2022
FICTITIOUS BUSINESS NAME STATEMENT
The following person(s) is (are) doing business as: [business name], [business address]. Full name of registrant(s) is (are) [registrant], [address]. This business is conducted by: an Individual. This statement was filed with the County Clerk of Los Angeles County. The registrant(s) has (have) commenced to transact business under the fictitious business name or names listed above on: N/A. NOTICE- This Fictitious Name Statement expires five years from the date it was filed in the office of the County Clerk. A new Fictitious Business Name Statement must be filed prior to that date. The filing of this statement does not of itself authorize the use in this state of a Fictitious Business Name in violation of the rights of another under Federal, State, or common law (See section 14411 et seq. Business and Professions Code)(Publish: Mountain Views-News) IDC
Dates: JAN 29, FEB 5, 12, 19, 2022
FICTITIOUS BUSINESS NAME STATEMENT
The following person(s) is (are) doing business as: [business name], [business address]. Full name of registrant(s) is (are) [registrant], [address]. This business is conducted by: an Individual. This statement was filed with the County Clerk of Los Angeles County. The registrant(s) has (have) commenced to transact business under the fictitious business name or names listed above on: N/A. NOTICE- This Fictitious Name Statement expires five years from the date it was filed in the office of the County Clerk. A new Fictitious Business Name Statement must be filed prior to that date. The filing of this statement does not of itself authorize the use in this state of a Fictitious Business Name in violation of the rights of another under Federal, State, or common law (See section 14411 et seq. Business and Professions Code)(Publish: Mountain Views-News) IDC
Dates: JAN 29, FEB 5, 12, 19, 2022
FICTITIOUS BUSINESS NAME STATEMENT
The following person(s) is (are) doing business as: [business name], [business address]. Full name of registrant(s) is (are) [registrant], [address]. This business is conducted by: an Individual. This statement was filed with the County Clerk of Los Angeles County. The registrant(s) has (have) commenced to transact business under the fictitious business name or names listed above on: N/A. NOTICE- This Fictitious Name Statement expires five years from the date it was filed in the office of the County Clerk. A new Fictitious Business Name Statement must be filed prior to that date. The filing of this statement does not of itself authorize the use in this state of a Fictitious Business Name in violation of the rights of another under Federal, State, or common law (See section 14411 et seq. Business and Professions Code)(Publish: Mountain Views-News) IDC
Dates: JAN 29, FEB 5, 12, 19, 2022
FICTITIOUS BUSINESS NAME STATEMENT
The following person(s) is (are) doing business as: [business name], [business address]. Full name of registrant(s) is (are) [registrant], [address]. This business is conducted by: an Individual. This statement was filed with the County Clerk of Los Angeles County. The registrant(s) has (have) commenced to transact business under the fictitious business name or names listed above on: N/A. NOTICE- This Fictitious Name Statement expires five years from the date it was filed in the office of the County Clerk. A new Fictitious Business Name Statement must be filed prior to that date. The filing of this statement does not of itself authorize the use in this state of a Fictitious Business Name in violation of the rights of another under Federal, State, or common law (See section 14411 et seq. Business and Professions Code)(Publish: Mountain Views-News) IDC
Dates: JAN 29, FEB 5, 12, 19, 2022
FICTITIOUS BUSINESS NAME STATEMENT
The following person(s) is (are) doing business as: [business name], [business address]. Full name of registrant(s) is (are) [registrant], [address]. This business is conducted by: an Individual. This statement was filed with the County Clerk of Los Angeles County. The registrant(s) has (have) commenced to transact business under the fictitious business name or names listed above on: N/A. NOTICE- This Fictitious Name Statement expires five years from the date it was filed in the office of the County Clerk. A new Fictitious Business Name Statement must be filed prior to that date. The filing of this statement does not of itself authorize the use in this state of a Fictitious Business Name in violation of the rights of another under Federal, State, or common law (See section 14411 et seq. Business and Professions Code)(Publish: Mountain Views-News) IDC
Dates: JAN 29, FEB 5, 12, 19, 2022
FICTITIOUS BUSINESS NAME STATEMENT
The following person(s) is (are) doing business as: [business name], [business address]. Full name of registrant(s) is (are) [registrant], [address]. This business is conducted by: an Individual. This statement was filed with the County Clerk of Los Angeles County. The registrant(s) has (have) commenced to transact business under the fictitious business name or names listed above on: N/A. NOTICE- This Fictitious Name Statement expires five years from the date it was filed in the office of the County Clerk. A new Fictitious Business Name Statement must be filed prior to that date. The filing of this statement does not of itself authorize the use in this state of a Fictitious Business Name in violation of the rights of another under Federal, State, or common law (See section 14411 et seq. Business and Professions Code)(Publish: Mountain Views-News) IDC
Dates: JAN 29, FEB 5, 12, 19, 2022
FICTITIOUS BUSINESS NAME STATEMENT
The following person(s) is (are) doing business as: [business name], [business address]. Full name of registrant(s) is (are) [registrant], [address]. This business is conducted by: an Individual. This statement was filed with the County Clerk of Los Angeles County. The registrant(s) has (have) commenced to transact business under the fictitious business name or names listed above on: N/A. NOTICE- This Fictitious Name Statement expires five years from the date it was filed in the office of the County Clerk. A new Fictitious Business Name Statement must be filed prior to that date. The filing of this statement does not of itself authorize the use in this state of a Fictitious Business Name in violation of the rights of another under Federal, State, or common law (See section 14411 et seq. Business and Professions Code)(Publish: Mountain Views-News) IDC
Dates: JAN 29, FEB 5, 12, 19, 2022
FICTITIOUS BUSINESS NAME STATEMENT
The following person(s) is (are) doing business as: [business name], [business address]. Full name of registrant(s) is (are) [registrant], [address]. This business is conducted by: an Individual. This statement was filed with the County Clerk of Los Angeles County. The registrant(s) has (have) commenced to transact business under the fictitious business name or names listed above on: N/A. NOTICE- This Fictitious Name Statement expires five years from the date it was filed in the office of the County Clerk. A new Fictitious Business Name Statement must be filed prior to that date. The filing of this statement does not of itself authorize the use in this state of a Fictitious Business Name in violation of the rights of another under Federal, State, or common law (See section 14411 et seq. Business and Professions Code)(Publish: Mountain Views-News) IDC
Dates: JAN 29, FEB 5, 12, 19, 2022
FICTITIOUS BUSINESS NAME STATEMENT
The following person(s) is (are) doing business as: [business name], [business address]. Full name of registrant(s) is (are) [registrant], [address]. This business is conducted by: an Individual. This statement was filed with the County Clerk of Los Angeles County. The registrant(s) has (have) commenced to transact business under the fictitious business name or names listed above on: N/A. NOTICE- This Fictitious Name Statement expires five years from the date it was filed in the office of the County Clerk. A new Fictitious Business Name Statement must be filed prior to that date. The filing of this statement does not of itself authorize the use in this state of a Fictitious Business Name in violation of the rights of another under Federal, State, or common law (See section 14411 et seq. Business and Professions Code)(Publish: Mountain Views-News) IDC
Dates: JAN 29, FEB 5, 12, 19, 2022
FICTITIOUS BUSINESS NAME STATEMENT
The following person(s) is (are) doing business as: [business name], [business address]. Full name of registrant(s) is (are) [registrant], [address]. This business is conducted by: an Individual. This statement was filed with the County Clerk of Los Angeles County. The registrant(s) has (have) commenced to transact business under the fictitious business name or names listed above on: N/A. NOTICE- This Fictitious Name Statement expires five years from the date it was filed in the office of the County Clerk. A new Fictitious Business Name Statement must be filed prior to that date. The filing of this statement does not of itself authorize the use in this state of a Fictitious Business Name in violation of the rights of another under Federal, State, or common law (See section 14411 et seq. Business and Professions Code)(Publish: Mountain Views-News) IDC
Dates: JAN 29, FEB 5, 12, 19, 2022
FICTITIOUS BUSINESS NAME STATEMENT
The following person(s) is (are) doing business as: [business name], [business address]. Full name of registrant(s) is (are) [registrant], [address]. This business is conducted by: an Individual. This statement was filed with the County Clerk of Los Angeles County. The registrant(s) has (have) commenced to transact business under the fictitious business name or names listed above on: N/A. NOTICE- This Fictitious Name Statement expires five years from the date it was filed in the office of the County Clerk. A new Fictitious Business Name Statement must be filed prior to that date. The filing of this statement does not of itself authorize the use in this state of a Fictitious Business Name in violation of the rights of another under Federal, State, or common law (See section 14411 et seq. Business and Professions Code)(Publish: Mountain Views-News) IDC
Dates: JAN 22, 29, FEB 5, 12, 2022
FICTITIOUS BUSINESS NAME STATEMENT
The following person(s) is (are) doing business as: [business name], [business address]. Full name of registrant(s) is (are) [registrant], [address]. This business is conducted by: an Individual. This statement was filed with the County Clerk of Los Angeles County. The registrant(s) has (have) commenced to transact business under the fictitious business name or names listed above on: N/A. NOTICE- This Fictitious Name Statement expires five years from the date it was filed in the office of the County Clerk. A new Fictitious Business Name Statement must be filed prior to that date. The filing of this statement does not of itself authorize the use in this state of a Fictitious Business Name in violation of the rights of another under Federal, State, or common law (See section 14411 et seq. Business and Professions Code)(Publish: Mountain Views-News) IDC
Dates: JAN 22, 29, FEB 5, 12, 2022
FICTITIOUS BUSINESS NAME STATEMENT
The following person(s) is (are) doing business as: [business name], [business address]. Full name of registrant(s) is (are) [registrant], [address]. This business is conducted by: an Individual. This statement was filed with the County Clerk of Los Angeles County. The registrant(s) has (have) commenced to transact business under the fictitious business name or names listed above on: N/A. NOTICE- This Fictitious Name Statement expires five years from the date it was filed in the office of the County Clerk. A new Fictitious Business Name Statement must be filed prior to that date. The filing of this statement does not of itself authorize the use in this state of a Fictitious Business Name in violation of the rights of another under Federal, State, or common law (See section 14411 et seq. Business and Professions Code)(Publish: Mountain Views-News) IDC
Dates: JAN 22, 29, FEB 5, 12, 2022
FICTITIOUS BUSINESS NAME STATEMENT
The following person(s) is (are) doing business as: [business name], [business address]. Full name of registrant(s) is (are) [registrant], [address]. This business is conducted by: an Individual. This statement was filed with the County Clerk of Los Angeles County. The registrant(s) has (have) commenced to transact business under the fictitious business name or names listed above on: N/A. NOTICE- This Fictitious Name Statement expires five years from the date it was filed in the office of the County Clerk. A new Fictitious Business Name Statement must be filed prior to that date. The filing of this statement does not of itself authorize the use in this state of a Fictitious Business Name in violation of the rights of another under Federal, State, or common law (See section 14411 et seq. Business and Professions Code)(Publish: Mountain Views-News) IDC
Dates: JAN 22, 29, FEB 5, 12, 2022
FICTITIOUS BUSINESS NAME STATEMENT
The following person(s) is (are) doing business as: [business name], [business address]. Full name of registrant(s) is (are) [registrant], [address]. This business is conducted by: an Individual. This statement was filed with the County Clerk of Los Angeles County. The registrant(s) has (have) commenced to transact business under the fictitious business name or names listed above on: N/A. NOTICE- This Fictitious Name Statement expires five years from the date it was filed in the office of the County Clerk. A new Fictitious Business Name Statement must be filed prior to that date. The filing of this statement does not of itself authorize the use in this state of a Fictitious Business Name in violation of the rights of another under Federal, State, or common law (See section 14411 et seq. Business and Professions Code)(Publish: Mountain Views-News) IDC
Dates: JAN 22, 29, FEB 5, 12, 2022
FICTITIOUS BUSINESS NAME STATEMENT
The following person(s) is (are) doing business as: [business name], [business address]. Full name of registrant(s) is (are) [registrant], [address]. This business is conducted by: an Individual. This statement was filed with the County Clerk of Los Angeles County. The registrant(s) has (have) commenced to transact business under the fictitious business name or names listed above on: N/A. NOTICE- This Fictitious Name Statement expires five years from the date it was filed in the office of the County Clerk. A new Fictitious Business Name Statement must be filed prior to that date. The filing of this statement does not of itself authorize the use in this state of a Fictitious Business Name in violation of the rights of another under Federal, State, or common law (See section 14411 et seq. Business and Professions Code)(Publish: Mountain Views-News) IDC
Dates: JAN 22, 29, FEB 5, 12, 2022
FICTITIOUS BUSINESS NAME STATEMENT
The following person(s) is (are) doing business as: [business name], [business address]. Full name of registrant(s) is (are) [registrant], [address]. This business is conducted by: an Individual. This statement was filed with the County Clerk of Los Angeles County. The registrant(s) has (have) commenced to transact business under the fictitious business name or names listed above on: N/A. NOTICE- This Fictitious Name Statement expires five years from the date it was filed in the office of the County Clerk. A new Fictitious Business Name Statement must be filed prior to that date. The filing of this statement does not of itself authorize the use in this state of a Fictitious Business Name in violation of the rights of another under Federal, State, or common law (See section 14411 et seq. Business and Professions Code)(Publish: Mountain Views-News) IDC
Dates: JAN 22, 29, FEB 5, 12, 2022
FICTITIOUS BUSINESS NAME STATEMENT
The following person(s) is (are) doing business as: [business name], [business address]. Full name of registrant(s) is (are) [registrant], [address]. This business is conducted by: an Individual. This statement was filed with the County Clerk of Los Angeles County. The registrant(s) has (have) commenced to transact business under the fictitious business name or names listed above on: N/A. NOTICE- This Fictitious Name Statement expires five years from the date it was filed in the office of the County Clerk. A new Fictitious Business Name Statement must be filed prior to that date. The filing of this statement does not of itself authorize the use in this state of a Fictitious Business Name in violation of the rights of another under Federal, State, or common law (See section 14411 et seq. Business and Professions Code)(Publish: Mountain Views-News) IDC
Dates: JAN 22, 29, FEB 5, 12, 2022
FICTITIOUS BUSINESS NAME STATEMENT
The following person(s) is (are) doing business as: [business name], [business address]. Full name of registrant(s) is (are) [registrant], [address]. This business is conducted by: an Individual. This statement was filed with the County Clerk of Los Angeles County. The registrant(s) has (have) commenced to transact business under the fictitious business name or names listed above on: N/A. NOTICE- This Fictitious Name Statement expires five years from the date it was filed in the office of the County Clerk. A new Fictitious Business Name Statement must be filed prior to that date. The filing of this statement does not of itself authorize the use in this state of a Fictitious Business Name in violation of the rights of another under Federal, State, or common law (See section 14411 et seq. Business and Professions Code)(Publish: Mountain Views-News) IDC
Dates: JAN 22, 29, FEB 5, 12, 2022
FICTITIOUS BUSINESS NAME STATEMENT
The following person(s) is (are) doing business as: [business name], [business address]. Full name of registrant(s) is (are) [registrant], [address]. This business is conducted by: an Individual. This statement was filed with the County Clerk of Los Angeles County. The registrant(s) has (have) commenced to transact business under the fictitious business name or names listed above on: N/A. NOTICE- This Fictitious Name Statement expires five years from the date it was filed in the office of the County Clerk. A new Fictitious Business Name Statement must be filed prior to that date. The filing of this statement does not of itself authorize the use in this state of a Fictitious Business Name in violation of the rights of another under Federal, State, or common law (See section 14411 et seq. Business and Professions Code)(Publish: Mountain Views-News) IDC
Dates: JAN 22, 29, FEB 5, 12, 2022
FICTITIOUS BUSINESS NAME STATEMENT
The following person(s) is (are) doing business as: [business name], [business address]. Full name of registrant(s) is (are) [registrant], [address]. This business is conducted by: an Individual. This statement was filed with the County Clerk of Los Angeles County. The registrant(s) has (have) commenced to transact business under the fictitious business name or names listed above on: N/A. NOTICE- This Fictitious Name Statement expires five years from the date it was filed in the office of the County Clerk. A new Fictitious Business Name Statement must be filed prior to that date. The filing of this statement does not of itself authorize the use in this state of a Fictitious Business Name in violation of the rights of another under Federal, State, or common law (See section 14411 et seq. Business and Professions Code)(Publish: Mountain Views-News) IDC
Dates: JAN 22, 29, FEB 5, 12, 2022
FICTITIOUS BUSINESS NAME STATEMENT
The following person(s) is (are) doing business as: [business name], [business address]. Full name of registrant(s) is (are) [registrant], [address]. This business is conducted by: an Individual. This statement was filed with the County Clerk of Los Angeles County. The registrant(s) has (have) commenced to transact business under the fictitious business name or names listed above on: N/A. NOTICE- This Fictitious Name Statement expires five years from the date it was filed in the office of the County Clerk. A new Fictitious Business Name Statement must be filed prior to that date. The filing of this statement does not of itself authorize the use in this state of a Fictitious Business Name in violation of the rights of another under Federal, State, or common law (See section 14411 et seq. Business and Professions Code)(Publish: Mountain Views-News) IDC
Dates: JAN 22, 29, FEB 5, 12, 2022
FICTITIOUS BUSINESS NAME STATEMENT
The following person(s) is (are) doing business as: [business name], [business address]. Full name of registrant(s) is (are) [registrant], [address]. This business is conducted by: an Individual. This statement was filed with the County Clerk of Los Angeles County. The registrant(s) has (have) commenced to transact business under the fictitious business name or names listed above on: N/A. NOTICE- This Fictitious Name Statement expires five years from the date it was filed in the office of the County Clerk. A new Fictitious Business Name Statement must be filed prior to that date. The filing of this statement does not of itself authorize the use in this state of a Fictitious Business Name in violation of the rights of another under Federal, State, or common law (See section 14411 et seq. Business and Professions Code)(Publish: Mountain Views-News) IDC
Dates: JAN 22, 29, FEB 5, 12, 2022
FICTITIOUS BUSINESS NAME STATEMENT
The following person(s) is (are) doing business as: [business name], [business address]. Full name of registrant(s) is (are) [registrant], [address]. This business is conducted by: an Individual. This statement was filed with the County Clerk of Los Angeles County. The registrant(s) has (have) commenced to transact business under the fictitious business name or names listed above on: N/A. NOTICE- This Fictitious Name Statement expires five years from the date it was filed in the office of the County Clerk. A new Fictitious Business Name Statement must be filed prior to that date. The filing of this statement does not of itself authorize the use in this state of a Fictitious Business Name in violation of the rights of another under Federal, State, or common law (See section 14411 et seq. Business and Professions Code)(Publish: Mountain Views-News) IDC
Dates: JAN 22, 29, FEB 5, 12, 2022
Mountain Views News 80 W Sierra Madre Blvd. No. 327 Sierra Madre, Ca. 91024 Office: 626.355.2737 Fax: 626.609.3285 Email: editor@mtnviewsnews.com Website: www.mtnviewsnews.com
